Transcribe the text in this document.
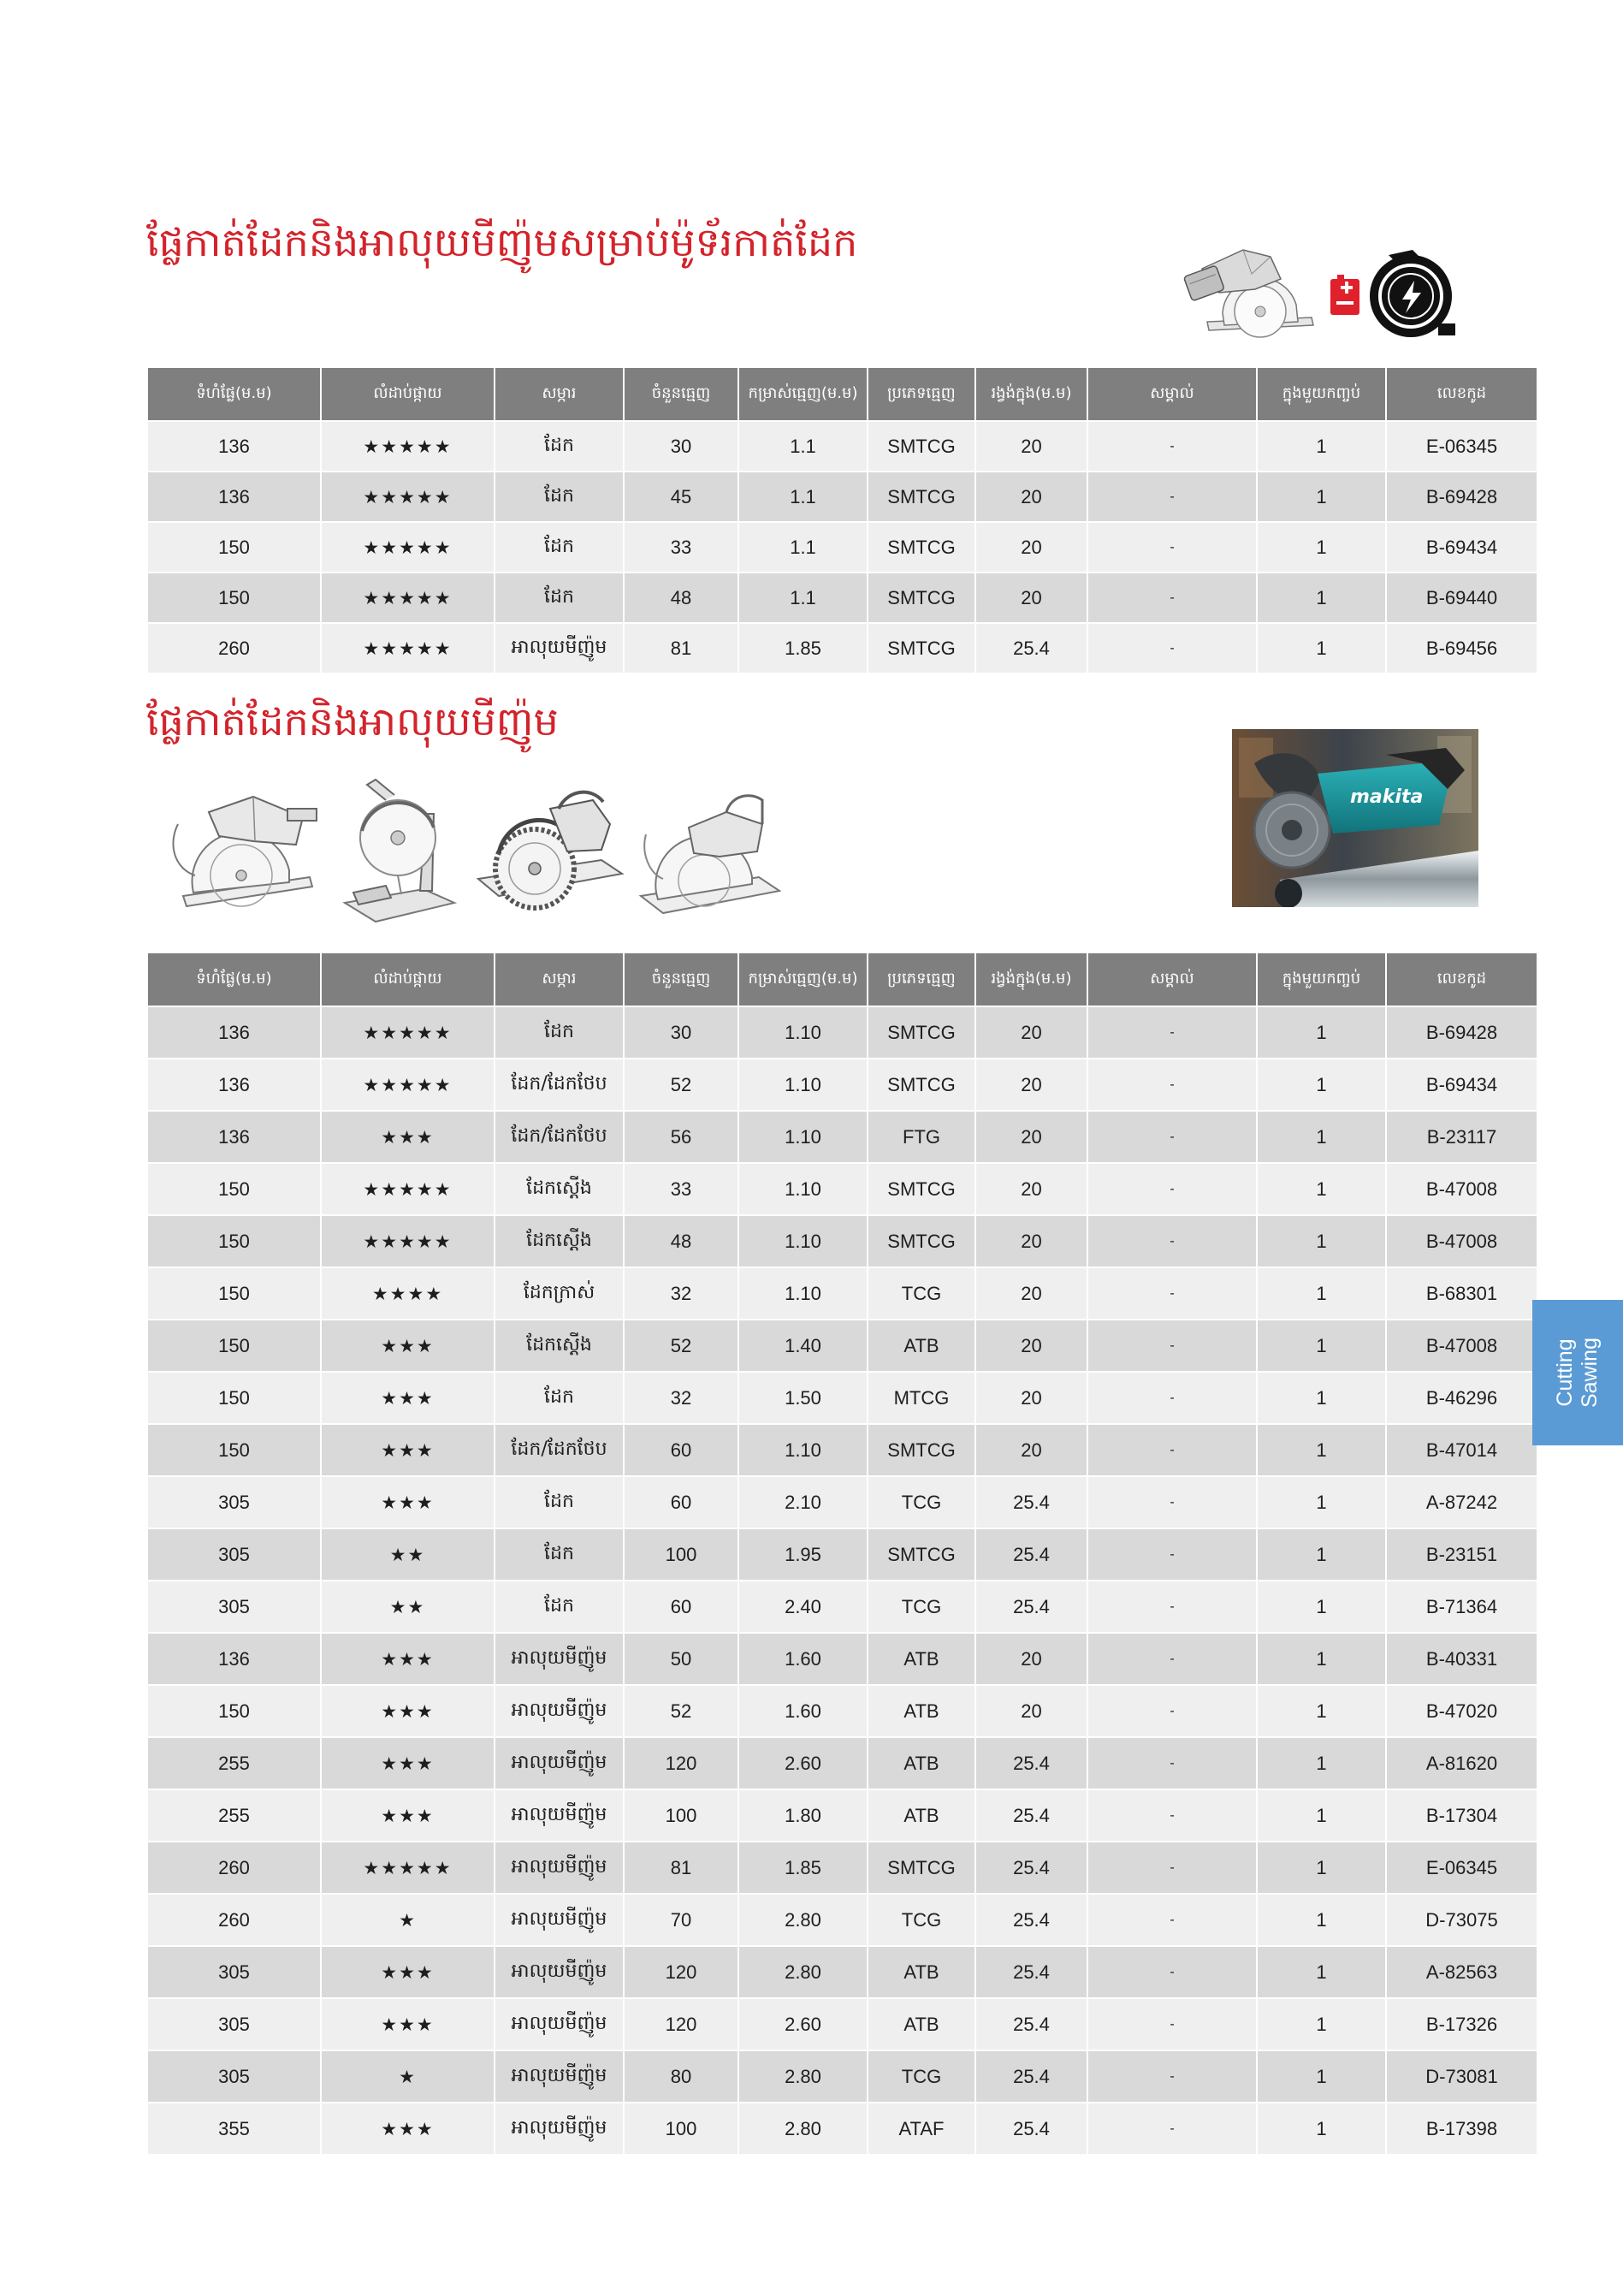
ផ្លែកាត់ដែកនិងអាលុយមីញ៉ូមសម្រាប់ម៉ូទ័រកាត់ដែក
ទំហំផ្លែ(ម.ម)	លំដាប់ផ្កាយ	សម្ភារ	ចំនួនធ្មេញ	កម្រាស់ធ្មេញ(ម.ម)	ប្រភេទធ្មេញ	រង្វង់ក្នុង(ម.ម)	សម្គាល់	ក្នុងមួយកញ្ចប់	លេខកូដ
136	★★★★★	ដែក	30	1.1	SMTCG	20	-	1	E-06345
136	★★★★★	ដែក	45	1.1	SMTCG	20	-	1	B-69428
150	★★★★★	ដែក	33	1.1	SMTCG	20	-	1	B-69434
150	★★★★★	ដែក	48	1.1	SMTCG	20	-	1	B-69440
260	★★★★★	អាលុយមីញ៉ូម	81	1.85	SMTCG	25.4	-	1	B-69456
ផ្លែកាត់ដែកនិងអាលុយមីញ៉ូម
makita
ទំហំផ្លែ(ម.ម)	លំដាប់ផ្កាយ	សម្ភារ	ចំនួនធ្មេញ	កម្រាស់ធ្មេញ(ម.ម)	ប្រភេទធ្មេញ	រង្វង់ក្នុង(ម.ម)	សម្គាល់	ក្នុងមួយកញ្ចប់	លេខកូដ
136	★★★★★	ដែក	30	1.10	SMTCG	20	-	1	B-69428
136	★★★★★	ដែក/ដែកថែប	52	1.10	SMTCG	20	-	1	B-69434
136	★★★	ដែក/ដែកថែប	56	1.10	FTG	20	-	1	B-23117
150	★★★★★	ដែកស្ដើង	33	1.10	SMTCG	20	-	1	B-47008
150	★★★★★	ដែកស្ដើង	48	1.10	SMTCG	20	-	1	B-47008
150	★★★★	ដែកក្រាស់	32	1.10	TCG	20	-	1	B-68301
150	★★★	ដែកស្ដើង	52	1.40	ATB	20	-	1	B-47008
150	★★★	ដែក	32	1.50	MTCG	20	-	1	B-46296
150	★★★	ដែក/ដែកថែប	60	1.10	SMTCG	20	-	1	B-47014
305	★★★	ដែក	60	2.10	TCG	25.4	-	1	A-87242
305	★★	ដែក	100	1.95	SMTCG	25.4	-	1	B-23151
305	★★	ដែក	60	2.40	TCG	25.4	-	1	B-71364
136	★★★	អាលុយមីញ៉ូម	50	1.60	ATB	20	-	1	B-40331
150	★★★	អាលុយមីញ៉ូម	52	1.60	ATB	20	-	1	B-47020
255	★★★	អាលុយមីញ៉ូម	120	2.60	ATB	25.4	-	1	A-81620
255	★★★	អាលុយមីញ៉ូម	100	1.80	ATB	25.4	-	1	B-17304
260	★★★★★	អាលុយមីញ៉ូម	81	1.85	SMTCG	25.4	-	1	E-06345
260	★	អាលុយមីញ៉ូម	70	2.80	TCG	25.4	-	1	D-73075
305	★★★	អាលុយមីញ៉ូម	120	2.80	ATB	25.4	-	1	A-82563
305	★★★	អាលុយមីញ៉ូម	120	2.60	ATB	25.4	-	1	B-17326
305	★	អាលុយមីញ៉ូម	80	2.80	TCG	25.4	-	1	D-73081
355	★★★	អាលុយមីញ៉ូម	100	2.80	ATAF	25.4	-	1	B-17398
Cutting Sawing
